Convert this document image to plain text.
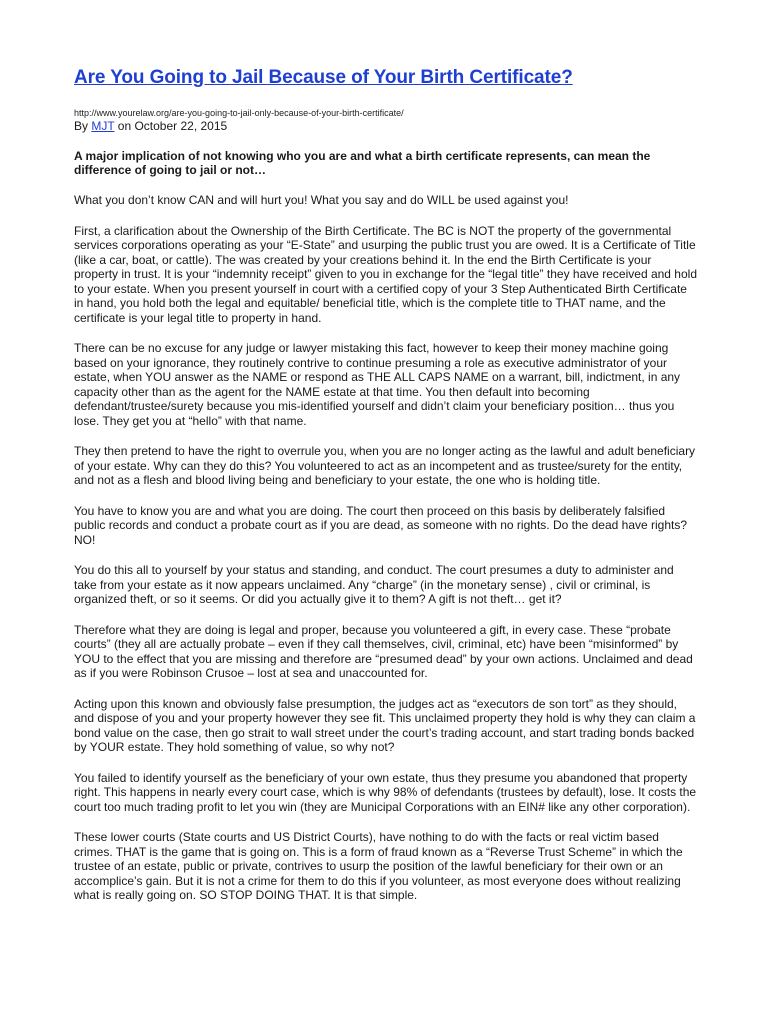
Are You Going to Jail Because of Your Birth Certificate?
http://www.yourelaw.org/are-you-going-to-jail-only-because-of-your-birth-certificate/
By MJT on October 22, 2015

A major implication of not knowing who you are and what a birth certificate represents, can mean the difference of going to jail or not…

What you don’t know CAN and will hurt you! What you say and do WILL be used against you!

First, a clarification about the Ownership of the Birth Certificate. The BC is NOT the property of the governmental services corporations operating as your “E-State” and usurping the public trust you are owed. It is a Certificate of Title (like a car, boat, or cattle). The was created by your creations behind it. In the end the Birth Certificate is your property in trust. It is your “indemnity receipt” given to you in exchange for the “legal title” they have received and hold to your estate. When you present yourself in court with a certified copy of your 3 Step Authenticated Birth Certificate in hand, you hold both the legal and equitable/ beneficial title, which is the complete title to THAT name, and the certificate is your legal title to property in hand.

There can be no excuse for any judge or lawyer mistaking this fact, however to keep their money machine going based on your ignorance, they routinely contrive to continue presuming a role as executive administrator of your estate, when YOU answer as the NAME or respond as THE ALL CAPS NAME on a warrant, bill, indictment, in any capacity other than as the agent for the NAME estate at that time. You then default into becoming defendant/trustee/surety because you mis-identified yourself and didn’t claim your beneficiary position… thus you lose. They get you at “hello” with that name.

They then pretend to have the right to overrule you, when you are no longer acting as the lawful and adult beneficiary of your estate. Why can they do this? You volunteered to act as an incompetent and as trustee/surety for the entity, and not as a flesh and blood living being and beneficiary to your estate, the one who is holding title.

You have to know you are and what you are doing. The court then proceed on this basis by deliberately falsified public records and conduct a probate court as if you are dead, as someone with no rights. Do the dead have rights? NO!

You do this all to yourself by your status and standing, and conduct. The court presumes a duty to administer and take from your estate as it now appears unclaimed. Any “charge” (in the monetary sense) , civil or criminal, is organized theft, or so it seems. Or did you actually give it to them? A gift is not theft… get it?

Therefore what they are doing is legal and proper, because you volunteered a gift, in every case. These “probate courts” (they all are actually probate – even if they call themselves, civil, criminal, etc) have been “misinformed” by YOU to the effect that you are missing and therefore are “presumed dead” by your own actions. Unclaimed and dead as if you were Robinson Crusoe – lost at sea and unaccounted for.

Acting upon this known and obviously false presumption, the judges act as “executors de son tort” as they should, and dispose of you and your property however they see fit. This unclaimed property they hold is why they can claim a bond value on the case, then go strait to wall street under the court’s trading account, and start trading bonds backed by YOUR estate. They hold something of value, so why not?

You failed to identify yourself as the beneficiary of your own estate, thus they presume you abandoned that property right. This happens in nearly every court case, which is why 98% of defendants (trustees by default), lose. It costs the court too much trading profit to let you win (they are Municipal Corporations with an EIN# like any other corporation).

These lower courts (State courts and US District Courts), have nothing to do with the facts or real victim based crimes. THAT is the game that is going on. This is a form of fraud known as a “Reverse Trust Scheme” in which the trustee of an estate, public or private, contrives to usurp the position of the lawful beneficiary for their own or an accomplice’s gain. But it is not a crime for them to do this if you volunteer, as most everyone does without realizing what is really going on. SO STOP DOING THAT. It is that simple.
